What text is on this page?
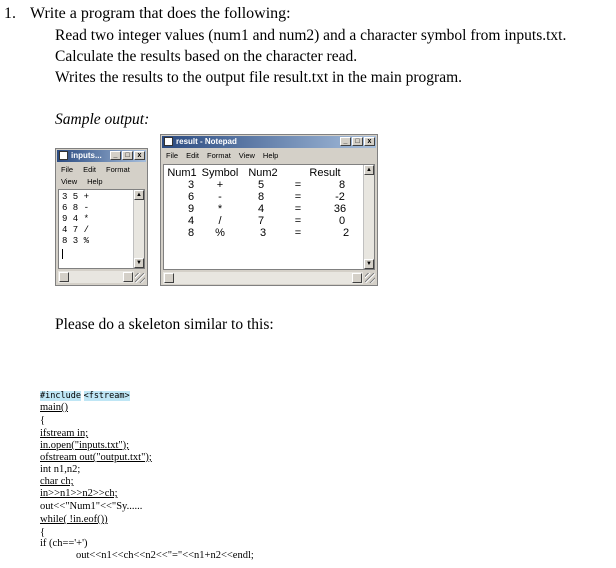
1. Write a program that does the following:
Read two integer values (num1 and num2) and a character symbol from inputs.txt.
Calculate the results based on the character read.
Writes the results to the output file result.txt in the main program.
Sample output:
inputs...	_	□	x
File Edit Format
View Help
3 5 +
6 8 -
9 4 *
4 7 /
8 3 %
▲
▼
result - Notepad	_	□	x
File Edit Format View Help
Num1 Symbol Num2	Result
3 +	5	=	8
6 -	8	=	-2
9 *	4	=	36
4 /	7	=	0
8 %	3	=	2
▲
▼
Please do a skeleton similar to this:
#include <fstream>
main()
{
ifstream in;
in.open("inputs.txt");
ofstream out("output.txt");
int n1,n2;
char ch;
in>>n1>>n2>>ch;
out<<"Num1"<<"Sy......
while( !in.eof())
{
if (ch=='+')
out<<n1<<ch<<n2<<"="<<n1+n2<<endl;
